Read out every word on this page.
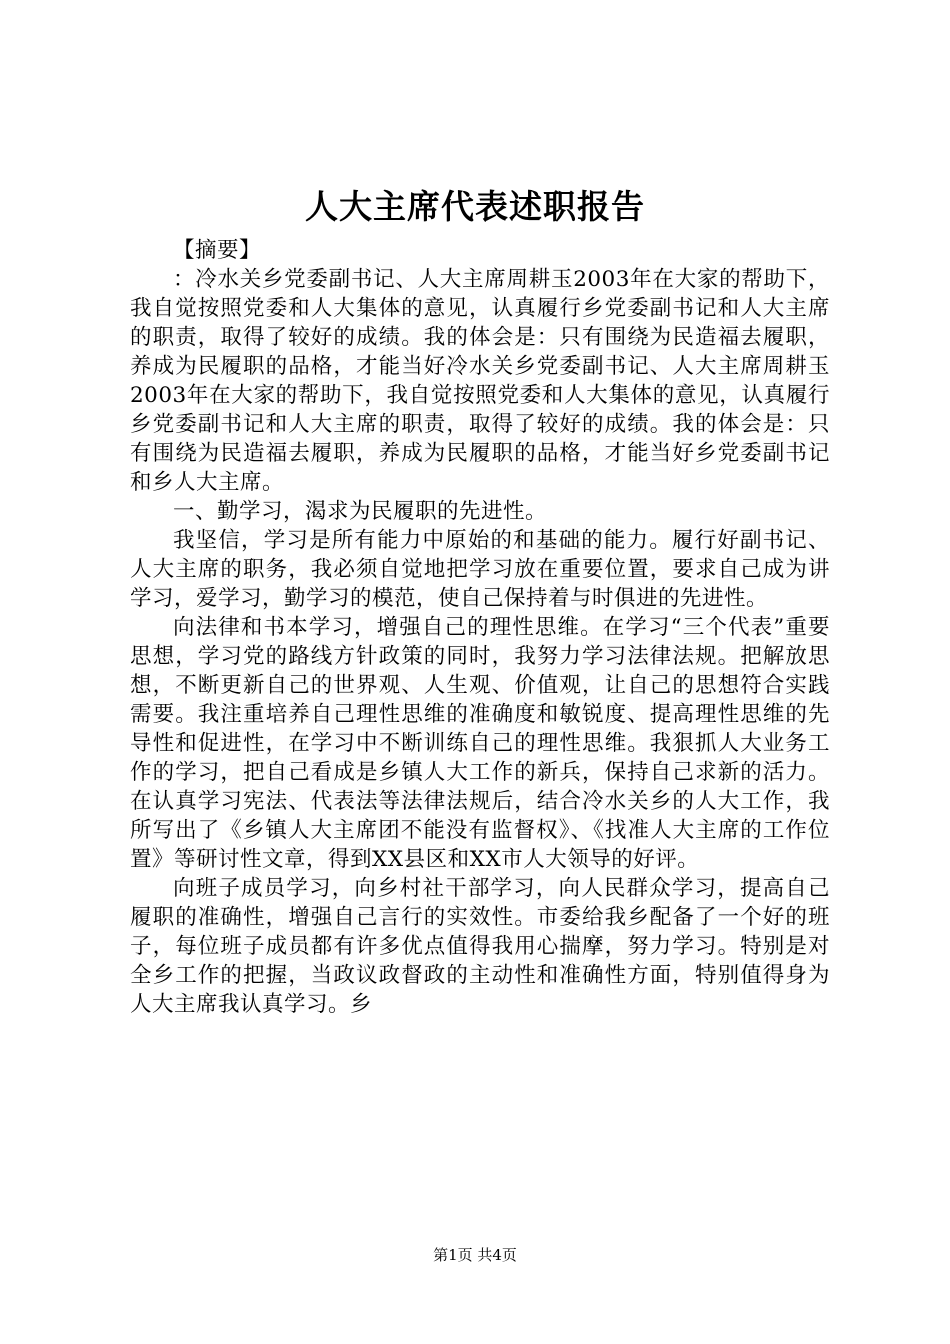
人大主席代表述职报告

【摘要】

：冷水关乡党委副书记、人大主席周耕玉2003年在大家的帮助下，我自觉按照党委和人大集体的意见，认真履行乡党委副书记和人大主席的职责，取得了较好的成绩。我的体会是：只有围绕为民造福去履职，养成为民履职的品格，才能当好冷水关乡党委副书记、人大主席周耕玉2003年在大家的帮助下，我自觉按照党委和人大集体的意见，认真履行乡党委副书记和人大主席的职责，取得了较好的成绩。我的体会是：只有围绕为民造福去履职，养成为民履职的品格，才能当好乡党委副书记和乡人大主席。

一、勤学习，渴求为民履职的先进性。

我坚信，学习是所有能力中原始的和基础的能力。履行好副书记、人大主席的职务，我必须自觉地把学习放在重要位置，要求自己成为讲学习，爱学习，勤学习的模范，使自己保持着与时俱进的先进性。

向法律和书本学习，增强自己的理性思维。在学习“三个代表”重要思想，学习党的路线方针政策的同时，我努力学习法律法规。把解放思想，不断更新自己的世界观、人生观、价值观，让自己的思想符合实践需要。我注重培养自己理性思维的准确度和敏锐度、提高理性思维的先导性和促进性，在学习中不断训练自己的理性思维。我狠抓人大业务工作的学习，把自己看成是乡镇人大工作的新兵，保持自己求新的活力。在认真学习宪法、代表法等法律法规后，结合冷水关乡的人大工作，我所写出了《乡镇人大主席团不能没有监督权》、《找准人大主席的工作位置》等研讨性文章，得到XX县区和XX市人大领导的好评。

向班子成员学习，向乡村社干部学习，向人民群众学习，提高自己履职的准确性，增强自己言行的实效性。市委给我乡配备了一个好的班子，每位班子成员都有许多优点值得我用心揣摩，努力学习。特别是对全乡工作的把握，当政议政督政的主动性和准确性方面，特别值得身为人大主席我认真学习。乡

第1页 共4页
